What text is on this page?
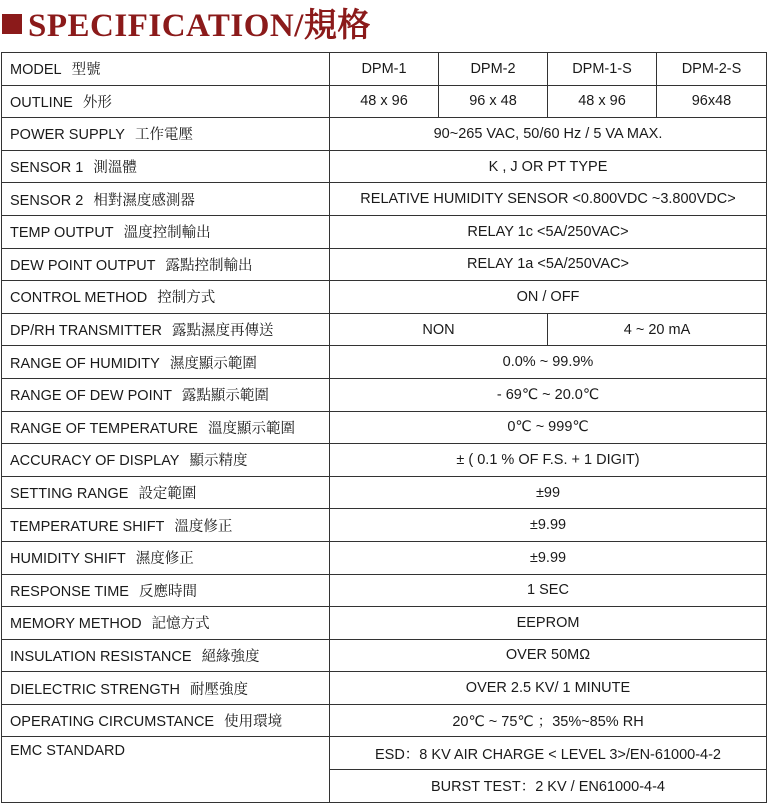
SPECIFICATION/規格
MODEL 型號	DPM-1	DPM-2	DPM-1-S	DPM-2-S
OUTLINE 外形	48 x 96	96 x 48	48 x 96	96x48
POWER SUPPLY 工作電壓	90~265 VAC, 50/60 Hz / 5 VA MAX.			
SENSOR 1 測溫體	K , J OR PT TYPE			
SENSOR 2 相對濕度感測器	RELATIVE HUMIDITY SENSOR <0.800VDC ~3.800VDC>			
TEMP OUTPUT 溫度控制輸出	RELAY 1c <5A/250VAC>			
DEW POINT OUTPUT 露點控制輸出	RELAY 1a <5A/250VAC>			
CONTROL METHOD 控制方式	ON / OFF			
DP/RH TRANSMITTER 露點濕度再傳送	NON		4 ~ 20 mA	
RANGE OF HUMIDITY 濕度顯示範圍	0.0% ~ 99.9%			
RANGE OF DEW POINT 露點顯示範圍	- 69℃ ~ 20.0℃			
RANGE OF TEMPERATURE 溫度顯示範圍	0℃ ~ 999℃			
ACCURACY OF DISPLAY 顯示精度	± ( 0.1 % OF F.S. + 1 DIGIT)			
SETTING RANGE 設定範圍	±99			
TEMPERATURE SHIFT 溫度修正	±9.99			
HUMIDITY SHIFT 濕度修正	±9.99			
RESPONSE TIME 反應時間	1 SEC			
MEMORY METHOD 記憶方式	EEPROM			
INSULATION RESISTANCE 絕緣強度	OVER 50MΩ			
DIELECTRIC STRENGTH 耐壓強度	OVER 2.5 KV/ 1 MINUTE			
OPERATING CIRCUMSTANCE 使用環境	20℃ ~ 75℃ ；35%~85% RH			
EMC STANDARD	ESD：8 KV AIR CHARGE < LEVEL 3>/EN-61000-4-2			
	BURST TEST：2 KV / EN61000-4-4			
